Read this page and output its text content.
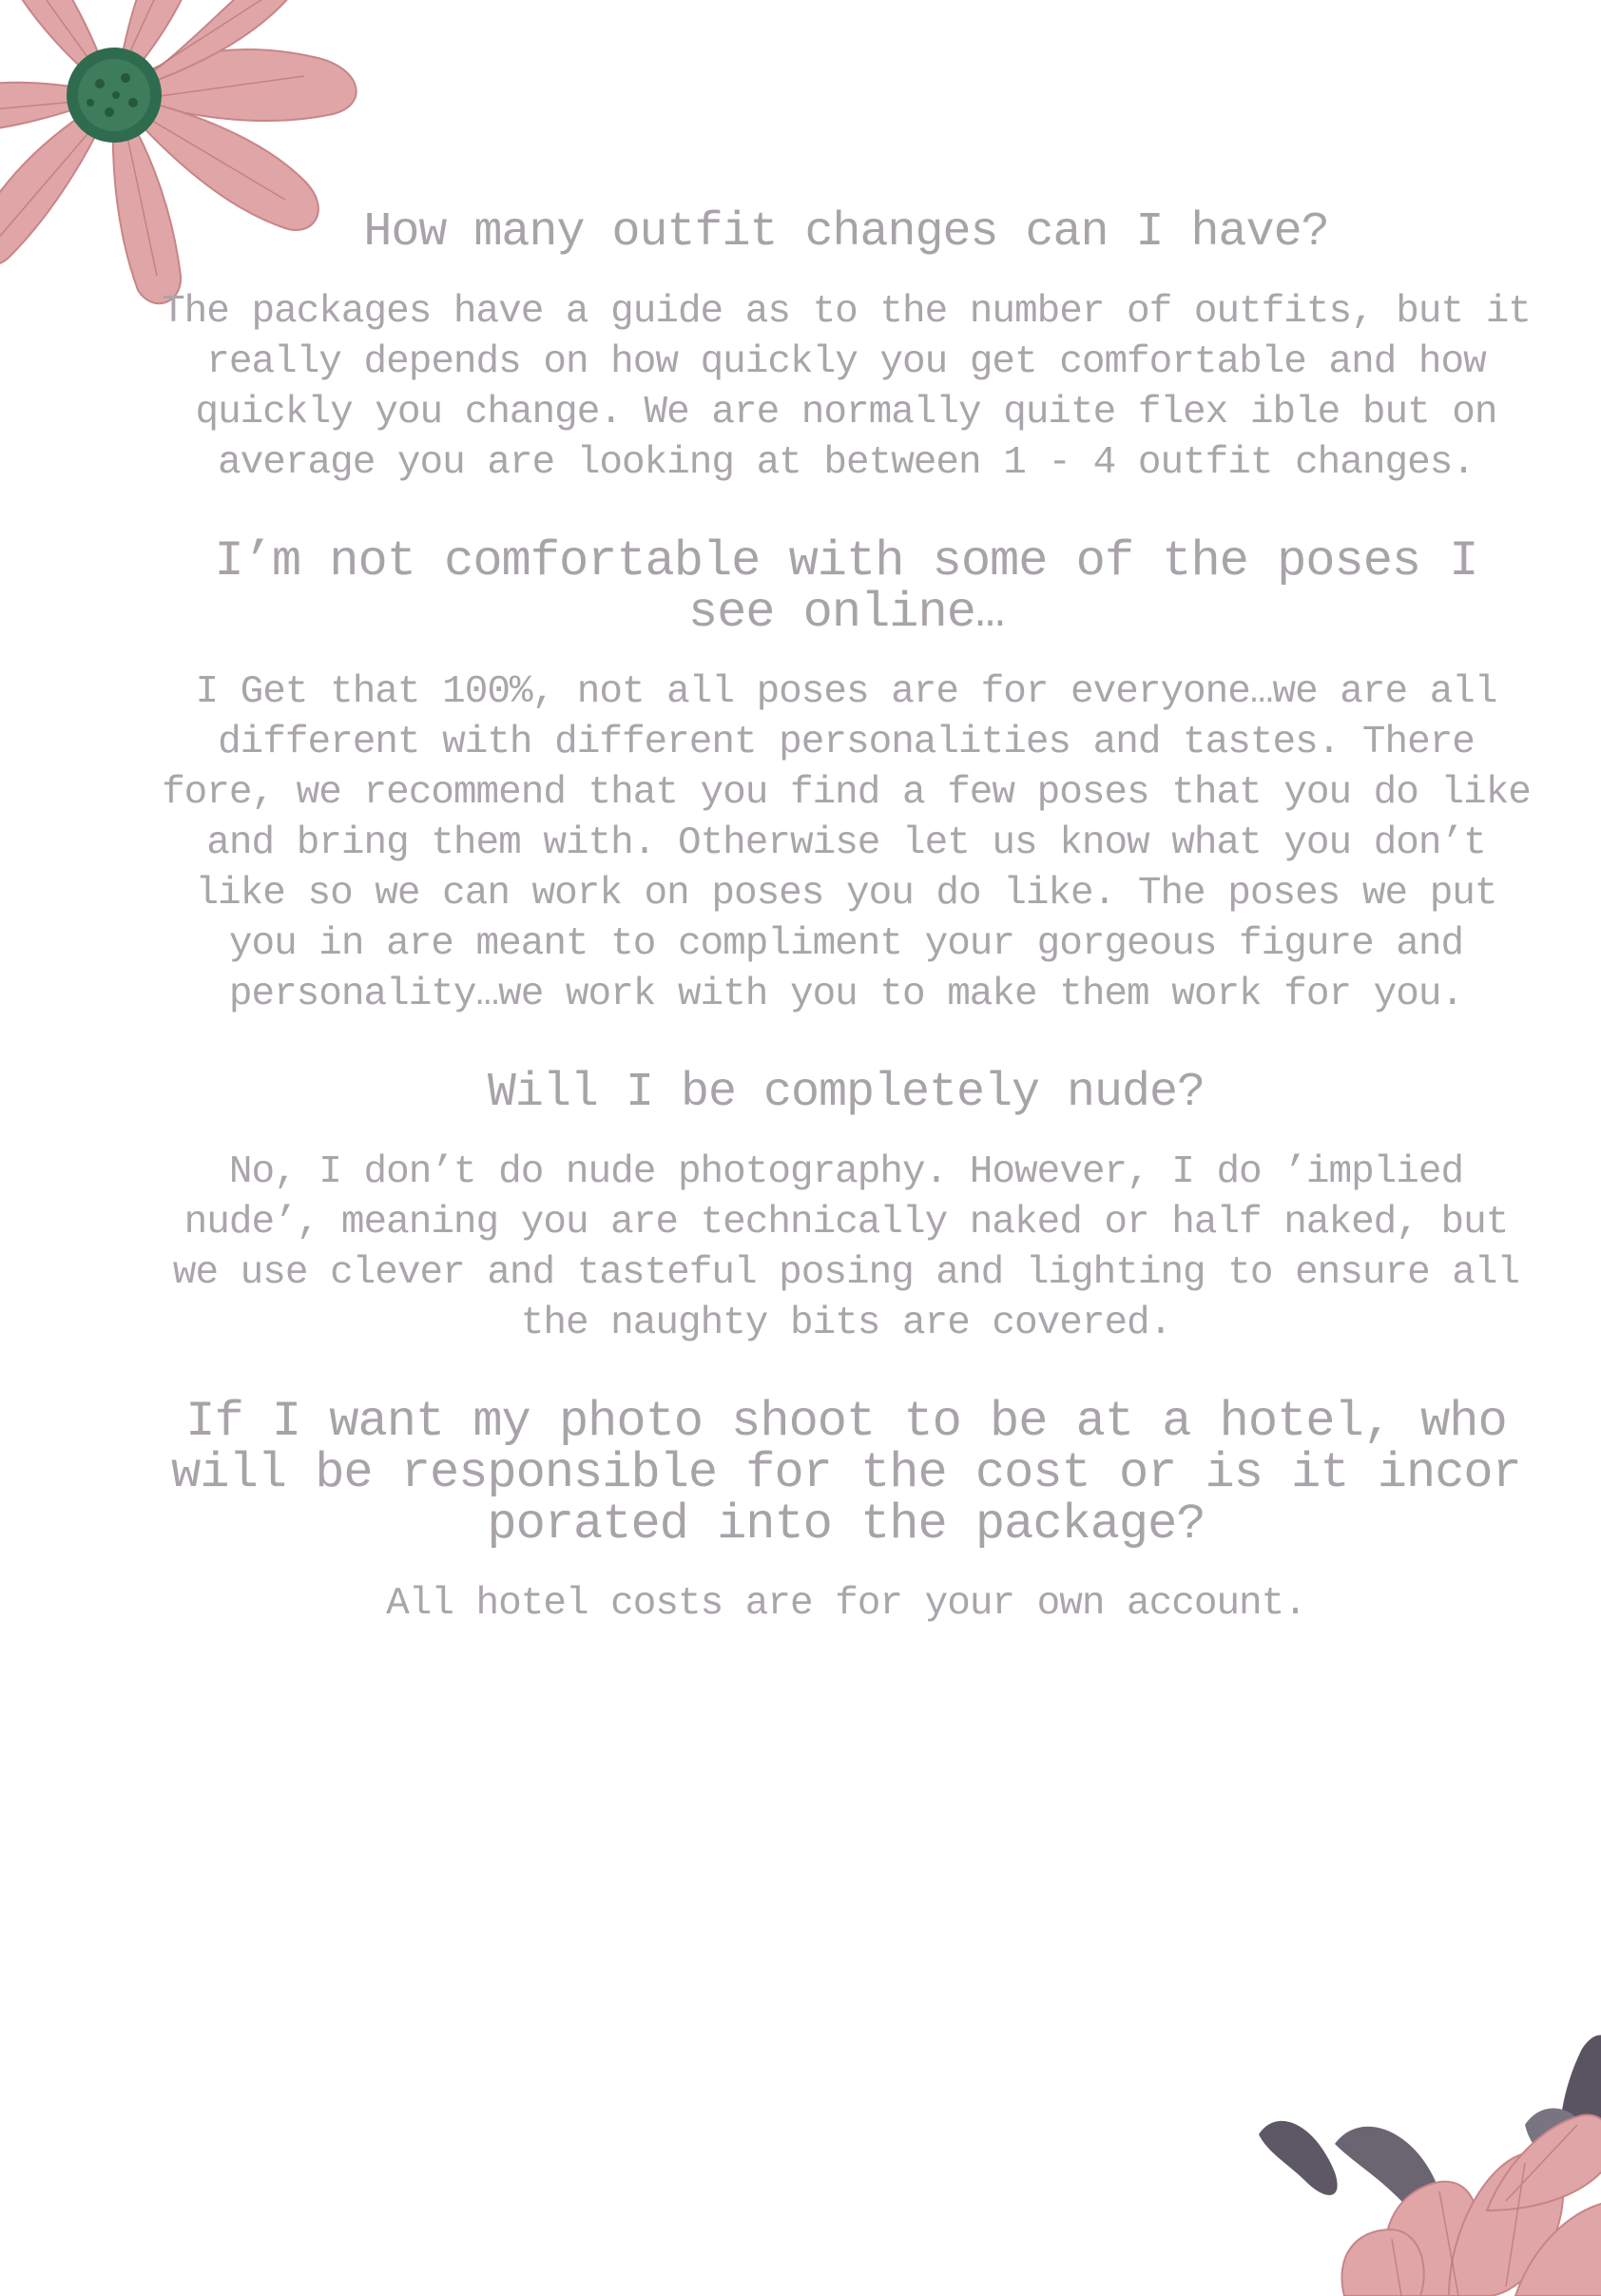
How many outfit changes can I have?

The packages have a guide as to the number of outfits, but it really depends on how quickly you get comfortable and how quickly you change. We are normally quite flex ible but on average you are looking at between 1 - 4 outfit changes.

I’m not comfortable with some of the poses I see online…

I Get that 100%, not all poses are for everyone…we are all different with different personalities and tastes. There fore, we recommend that you find a few poses that you do like and bring them with. Otherwise let us know what you don’t like so we can work on poses you do like. The poses we put you in are meant to compliment your gorgeous figure and personality…we work with you to make them work for you.

Will I be completely nude?

No, I don’t do nude photography. However, I do ’implied nude’, meaning you are technically naked or half naked, but we use clever and tasteful posing and lighting to ensure all the naughty bits are covered.

If I want my photo shoot to be at a hotel, who will be responsible for the cost or is it incor porated into the package?

All hotel costs are for your own account.
